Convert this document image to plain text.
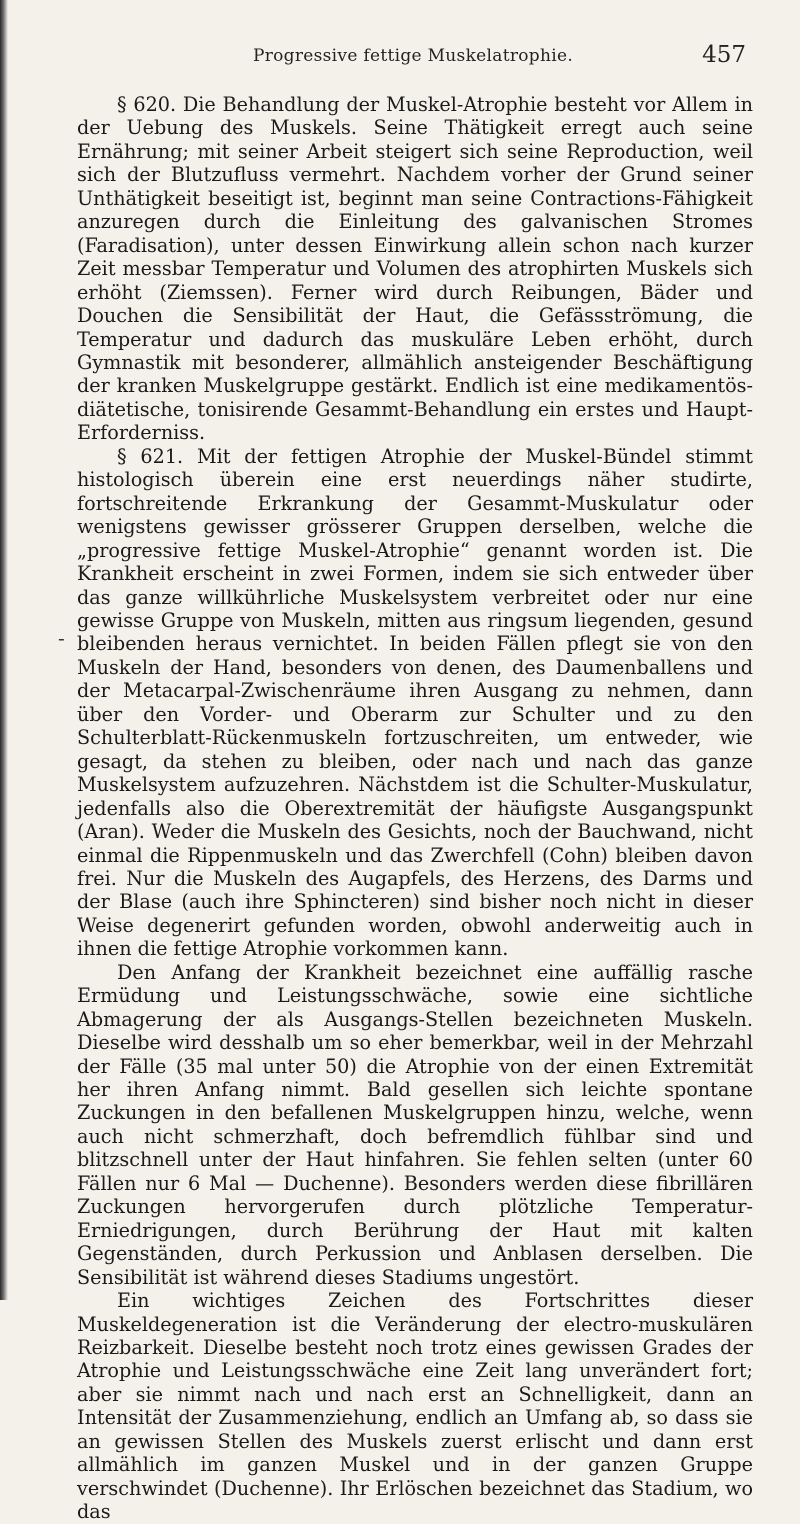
Progressive fettige Muskelatrophie.	457
-

§ 620. Die Behandlung der Muskel-Atrophie besteht vor Allem in der Uebung des Muskels. Seine Thätigkeit erregt auch seine Ernährung; mit seiner Arbeit steigert sich seine Reproduction, weil sich der Blutzufluss vermehrt. Nachdem vorher der Grund seiner Unthätigkeit beseitigt ist, beginnt man seine Contractions-Fähigkeit anzuregen durch die Einleitung des galvanischen Stromes (Faradisation), unter dessen Einwirkung allein schon nach kurzer Zeit messbar Temperatur und Volumen des atrophirten Muskels sich erhöht (Ziemssen). Ferner wird durch Reibungen, Bäder und Douchen die Sensibilität der Haut, die Gefässströmung, die Temperatur und dadurch das muskuläre Leben erhöht, durch Gymnastik mit besonderer, allmählich ansteigender Beschäftigung der kranken Muskelgruppe gestärkt. Endlich ist eine medikamentös-diätetische, tonisirende Gesammt-Behandlung ein erstes und Haupt-Erforderniss.

§ 621. Mit der fettigen Atrophie der Muskel-Bündel stimmt histologisch überein eine erst neuerdings näher studirte, fortschreitende Erkrankung der Gesammt-Muskulatur oder wenigstens gewisser grösserer Gruppen derselben, welche die „progressive fettige Muskel-Atrophie“ genannt worden ist. Die Krankheit erscheint in zwei Formen, indem sie sich entweder über das ganze willkührliche Muskelsystem verbreitet oder nur eine gewisse Gruppe von Muskeln, mitten aus ringsum liegenden, gesund bleibenden heraus vernichtet. In beiden Fällen pflegt sie von den Muskeln der Hand, besonders von denen, des Daumenballens und der Metacarpal-Zwischenräume ihren Ausgang zu nehmen, dann über den Vorder- und Oberarm zur Schulter und zu den Schulterblatt-Rückenmuskeln fortzuschreiten, um entweder, wie gesagt, da stehen zu bleiben, oder nach und nach das ganze Muskelsystem aufzuzehren. Nächstdem ist die Schulter-Muskulatur, jedenfalls also die Oberextremität der häufigste Ausgangspunkt (Aran). Weder die Muskeln des Gesichts, noch der Bauchwand, nicht einmal die Rippenmuskeln und das Zwerchfell (Cohn) bleiben davon frei. Nur die Muskeln des Augapfels, des Herzens, des Darms und der Blase (auch ihre Sphincteren) sind bisher noch nicht in dieser Weise degenerirt gefunden worden, obwohl anderweitig auch in ihnen die fettige Atrophie vorkommen kann.

Den Anfang der Krankheit bezeichnet eine auffällig rasche Ermüdung und Leistungsschwäche, sowie eine sichtliche Abmagerung der als Ausgangs-Stellen bezeichneten Muskeln. Dieselbe wird desshalb um so eher bemerkbar, weil in der Mehrzahl der Fälle (35 mal unter 50) die Atrophie von der einen Extremität her ihren Anfang nimmt. Bald gesellen sich leichte spontane Zuckungen in den befallenen Muskelgruppen hinzu, welche, wenn auch nicht schmerzhaft, doch befremdlich fühlbar sind und blitzschnell unter der Haut hinfahren. Sie fehlen selten (unter 60 Fällen nur 6 Mal — Duchenne). Besonders werden diese fibrillären Zuckungen hervorgerufen durch plötzliche Temperatur-Erniedrigungen, durch Berührung der Haut mit kalten Gegenständen, durch Perkussion und Anblasen derselben. Die Sensibilität ist während dieses Stadiums ungestört.

Ein wichtiges Zeichen des Fortschrittes dieser Muskeldegeneration ist die Veränderung der electro-muskulären Reizbarkeit. Dieselbe besteht noch trotz eines gewissen Grades der Atrophie und Leistungsschwäche eine Zeit lang unverändert fort; aber sie nimmt nach und nach erst an Schnelligkeit, dann an Intensität der Zusammenziehung, endlich an Umfang ab, so dass sie an gewissen Stellen des Muskels zuerst erlischt und dann erst allmählich im ganzen Muskel und in der ganzen Gruppe verschwindet (Duchenne). Ihr Erlöschen bezeichnet das Stadium, wo das
